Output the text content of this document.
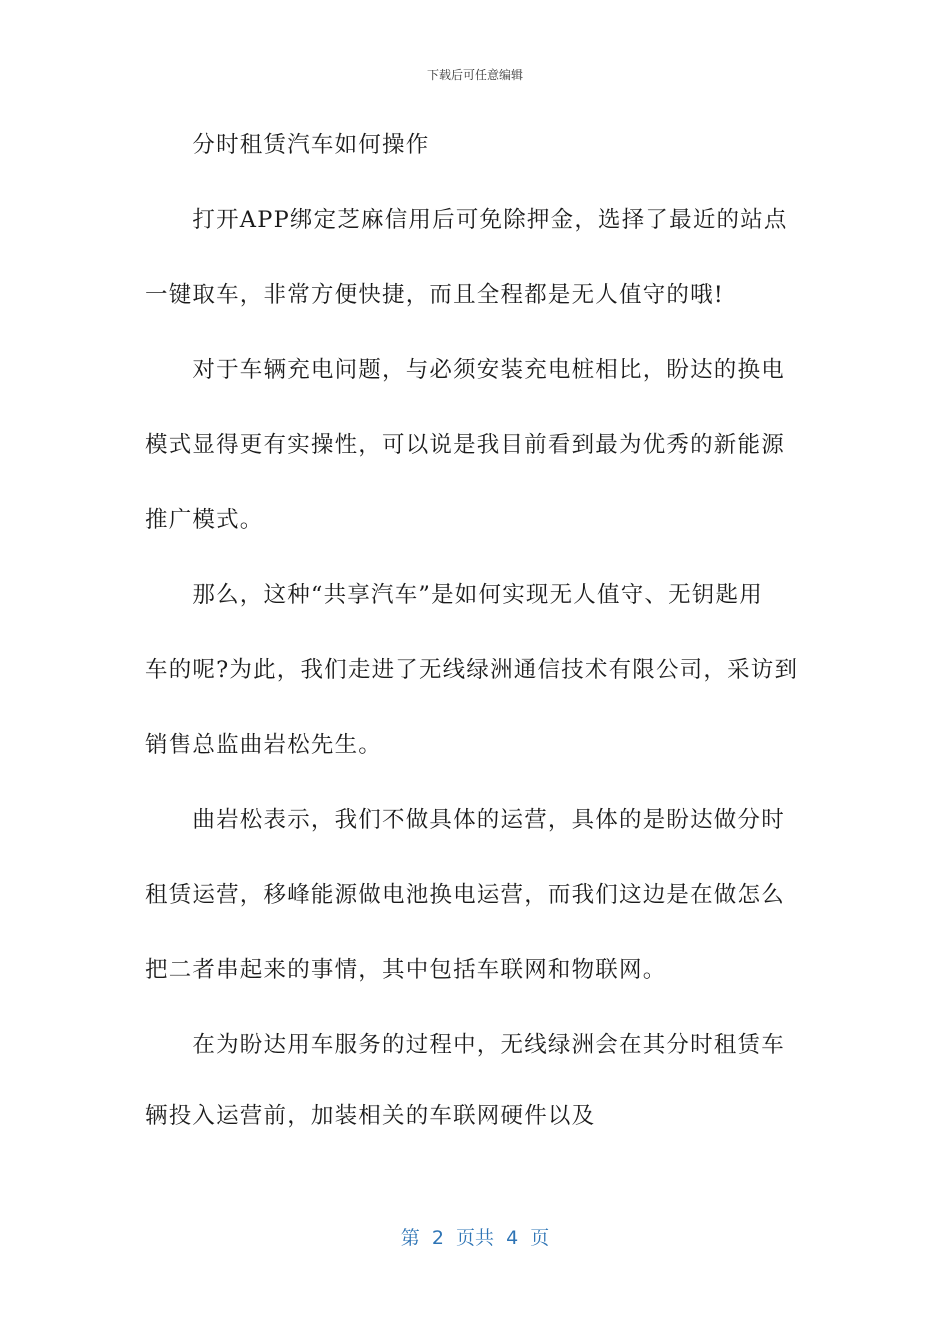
下载后可任意编辑
　　分时租赁汽车如何操作
　　打开APP绑定芝麻信用后可免除押金，选择了最近的站点
一键取车，非常方便快捷，而且全程都是无人值守的哦!
　　对于车辆充电问题，与必须安装充电桩相比，盼达的换电
模式显得更有实操性，可以说是我目前看到最为优秀的新能源
推广模式。
　　那么，这种“共享汽车”是如何实现无人值守、无钥匙用
车的呢?为此，我们走进了无线绿洲通信技术有限公司，采访到
销售总监曲岩松先生。
　　曲岩松表示，我们不做具体的运营，具体的是盼达做分时
租赁运营，移峰能源做电池换电运营，而我们这边是在做怎么
把二者串起来的事情，其中包括车联网和物联网。
　　在为盼达用车服务的过程中，无线绿洲会在其分时租赁车
辆投入运营前，加装相关的车联网硬件以及
第  2  页共  4  页
